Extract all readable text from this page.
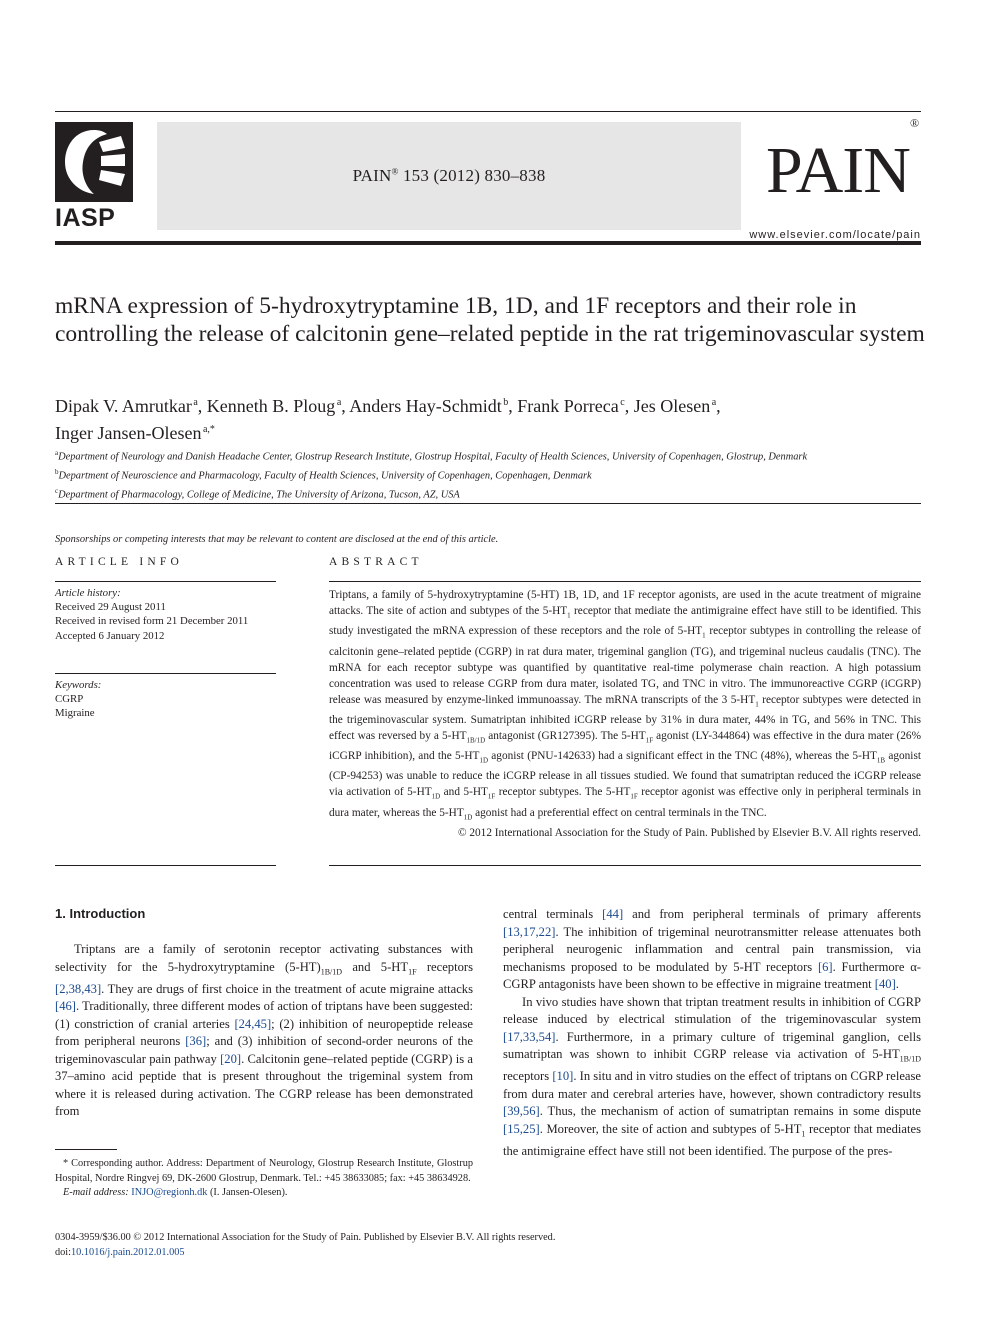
IASP
PAIN® 153 (2012) 830–838	PAIN®
www.elsevier.com/locate/pain
mRNA expression of 5-hydroxytryptamine 1B, 1D, and 1F receptors and their role in controlling the release of calcitonin gene–related peptide in the rat trigeminovascular system
Dipak V. Amrutkar  $^a$, Kenneth B. Ploug  $^a$, Anders Hay-Schmidt  $^b$, Frank Porreca  $^c$, Jes Olesen  $^a$,
Inger Jansen-Olesen  $^{a,*}$
$^a$Department of Neurology and Danish Headache Center, Glostrup Research Institute, Glostrup Hospital, Faculty of Health Sciences, University of Copenhagen, Glostrup, Denmark
$^b$Department of Neuroscience and Pharmacology, Faculty of Health Sciences, University of Copenhagen, Copenhagen, Denmark
$^c$Department of Pharmacology, College of Medicine, The University of Arizona, Tucson, AZ, USA
Sponsorships or competing interests that may be relevant to content are disclosed at the end of this article.
ARTICLE INFO
Article history:
Received 29 August 2011
Received in revised form 21 December 2011
Accepted 6 January 2012
Keywords:
CGRP
Migraine
ABSTRACT
Triptans, a family of 5-hydroxytryptamine (5-HT) 1B, 1D, and 1F receptor agonists, are used in the acute treatment of migraine attacks. The site of action and subtypes of the $5-HT_1$ receptor that mediate the antimigraine effect have still to be identified. This study investigated the mRNA expression of these receptors and the role of $5-HT_1$ receptor subtypes in controlling the release of calcitonin gene–related peptide (CGRP) in rat dura mater, trigeminal ganglion (TG), and trigeminal nucleus caudalis (TNC). The mRNA for each receptor subtype was quantified by quantitative real-time polymerase chain reaction. A high potassium concentration was used to release CGRP from dura mater, isolated TG, and TNC in vitro. The immunoreactive CGRP (iCGRP) release was measured by enzyme-linked immunoassay. The mRNA transcripts of the 3 $5-HT_1$ receptor subtypes were detected in the trigeminovascular system. Sumatriptan inhibited iCGRP release by 31% in dura mater, 44% in TG, and 56% in TNC. This effect was reversed by a $5-HT_{1B/1D}$ antagonist (GR127395). The $5-HT_{1F}$ agonist (LY-344864) was effective in the dura mater (26% iCGRP inhibition), and the $5-HT_{1D}$ agonist (PNU-142633) had a significant effect in the TNC (48%), whereas the $5-HT_{1B}$ agonist (CP-94253) was unable to reduce the iCGRP release in all tissues studied. We found that sumatriptan reduced the iCGRP release via activation of $5-HT_{1D}$ and $5-HT_{1F}$ receptor subtypes. The $5-HT_{1F}$ receptor agonist was effective only in peripheral terminals in dura mater, whereas the $5-HT_{1D}$ agonist had a preferential effect on central terminals in the TNC.
© 2012 International Association for the Study of Pain. Published by Elsevier B.V. All rights reserved.
1. Introduction

Triptans are a family of serotonin receptor activating substances with selectivity for the 5-hydroxytryptamine $(5-HT)_{1B/1D}$ and $5-HT_{1F}$ receptors [2,38,43]. They are drugs of first choice in the treatment of acute migraine attacks [46]. Traditionally, three different modes of action of triptans have been suggested: (1) constriction of cranial arteries [24,45]; (2) inhibition of neuropeptide release from peripheral neurons [36]; and (3) inhibition of second-order neurons of the trigeminovascular pain pathway [20]. Calcitonin gene–related peptide (CGRP) is a 37–amino acid peptide that is present throughout the trigeminal system from where it is released during activation. The CGRP release has been demonstrated from

central terminals [44] and from peripheral terminals of primary afferents [13,17,22]. The inhibition of trigeminal neurotransmitter release attenuates both peripheral neurogenic inflammation and central pain transmission, via mechanisms proposed to be modulated by 5-HT receptors [6]. Furthermore α-CGRP antagonists have been shown to be effective in migraine treatment [40].

In vivo studies have shown that triptan treatment results in inhibition of CGRP release induced by electrical stimulation of the trigeminovascular system [17,33,54]. Furthermore, in a primary culture of trigeminal ganglion, cells sumatriptan was shown to inhibit CGRP release via activation of $5-HT_{1B/1D}$ receptors [10]. In situ and in vitro studies on the effect of triptans on CGRP release from dura mater and cerebral arteries have, however, shown contradictory results [39,56]. Thus, the mechanism of action of sumatriptan remains in some dispute [15,25]. Moreover, the site of action and subtypes of $5-HT_1$ receptor that mediates the antimigraine effect have still not been identified. The purpose of the pres-

* Corresponding author. Address: Department of Neurology, Glostrup Research Institute, Glostrup Hospital, Nordre Ringvej 69, DK-2600 Glostrup, Denmark. Tel.: +45 38633085; fax: +45 38634928.
E-mail address: INJO@regionh.dk (I. Jansen-Olesen).
0304-3959/$36.00 © 2012 International Association for the Study of Pain. Published by Elsevier B.V. All rights reserved.
doi:10.1016/j.pain.2012.01.005
